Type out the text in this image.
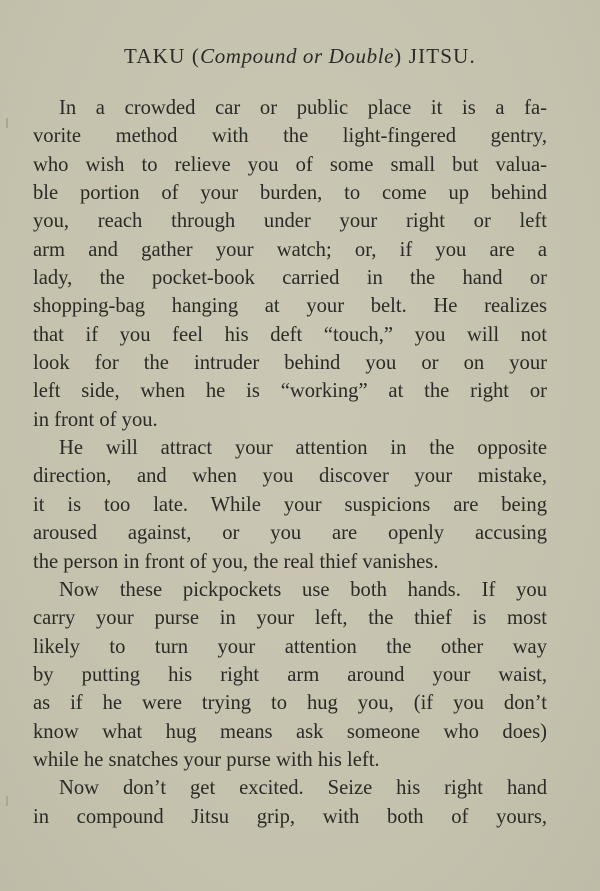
TAKU (Compound or Double) JITSU.
In a crowded car or public place it is a fa-
vorite method with the light-fingered gentry,
who wish to relieve you of some small but valua-
ble portion of your burden, to come up behind
you, reach through under your right or left
arm and gather your watch; or, if you are a
lady, the pocket-book carried in the hand or
shopping-bag hanging at your belt. He realizes
that if you feel his deft “touch,” you will not
look for the intruder behind you or on your
left side, when he is “working” at the right or
in front of you.
He will attract your attention in the opposite
direction, and when you discover your mistake,
it is too late. While your suspicions are being
aroused against, or you are openly accusing
the person in front of you, the real thief vanishes.
Now these pickpockets use both hands. If you
carry your purse in your left, the thief is most
likely to turn your attention the other way
by putting his right arm around your waist,
as if he were trying to hug you, (if you don’t
know what hug means ask someone who does)
while he snatches your purse with his left.
Now don’t get excited. Seize his right hand
in compound Jitsu grip, with both of yours,
